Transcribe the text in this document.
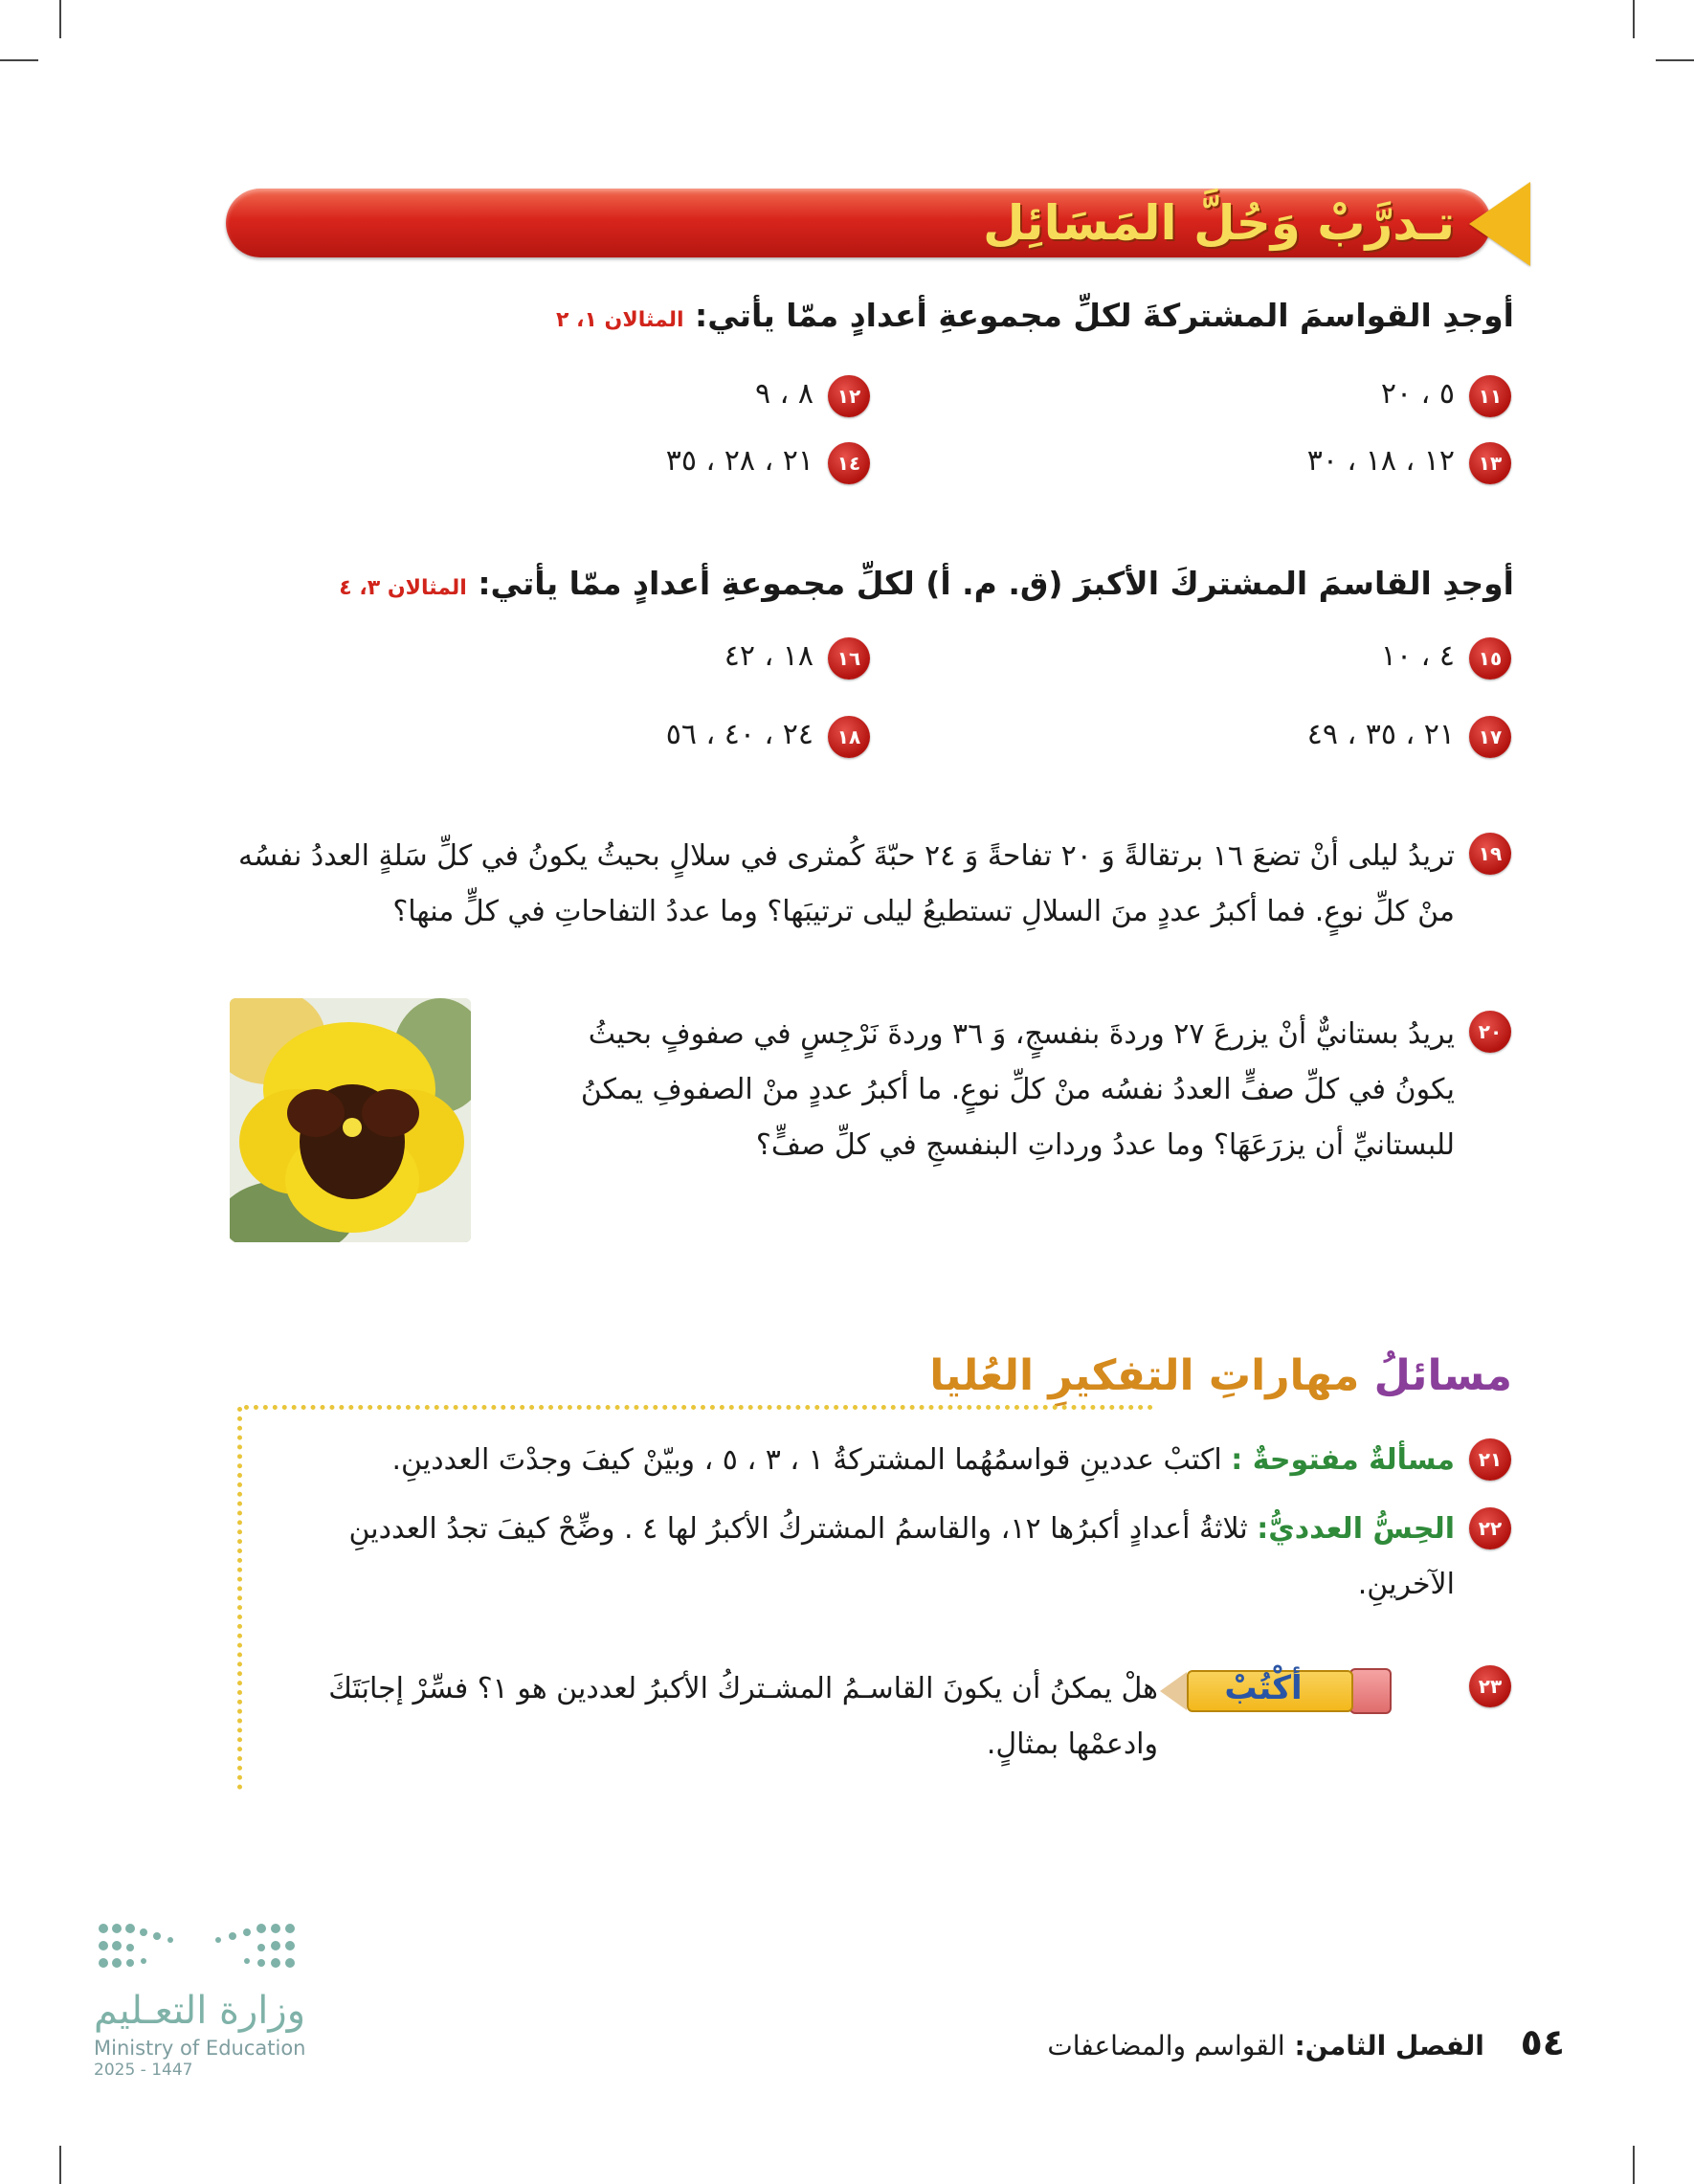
تـدرَّبْ وَحُلَّ المَسَائِل
أوجدِ القواسمَ المشتركةَ لكلِّ مجموعةِ أعدادٍ ممّا يأتي: المثالان ١، ٢
١١
٥ ، ٢٠
١٢
٨ ، ٩
١٣
١٢ ، ١٨ ، ٣٠
١٤
٢١ ، ٢٨ ، ٣٥
أوجدِ القاسمَ المشتركَ الأكبرَ (ق. م. أ) لكلِّ مجموعةِ أعدادٍ ممّا يأتي: المثالان ٣، ٤
١٥
٤ ، ١٠
١٦
١٨ ، ٤٢
١٧
٢١ ، ٣٥ ، ٤٩
١٨
٢٤ ، ٤٠ ، ٥٦
١٩
تريدُ ليلى أنْ تضعَ ١٦ برتقالةً وَ ٢٠ تفاحةً وَ ٢٤ حبّةَ كُمثرى في سلالٍ بحيثُ يكونُ في كلِّ سَلةٍ العددُ نفسُه
منْ كلِّ نوعٍ. فما أكبرُ عددٍ منَ السلالِ تستطيعُ ليلى ترتيبَها؟ وما عددُ التفاحاتِ في كلٍّ منها؟
٢٠
يريدُ بستانيٌّ أنْ يزرعَ ٢٧ وردةَ بنفسجٍ، وَ ٣٦ وردةَ نَرْجِسٍ في صفوفٍ بحيثُ
يكونُ في كلِّ صفٍّ العددُ نفسُه منْ كلِّ نوعٍ. ما أكبرُ عددٍ منْ الصفوفِ يمكنُ
للبستانيِّ أن يزرَعَهَا؟ وما عددُ ورداتِ البنفسجِ في كلِّ صفٍّ؟
مسائلُ مهاراتِ التفكيرِ العُليا
٢١
مسألةٌ مفتوحةٌ : اكتبْ عددينِ قواسمُهُما المشتركةُ ١ ، ٣ ، ٥ ، وبيّنْ كيفَ وجدْتَ العددينِ.
٢٢
الحِسُّ العدديُّ: ثلاثةُ أعدادٍ أكبرُها ١٢، والقاسمُ المشتركُ الأكبرُ لها ٤ . وضِّحْ كيفَ تجدُ العددينِ
الآخرينِ.
٢٣
أكْتُبْ
هلْ يمكنُ أن يكونَ القاسـمُ المشـتركُ الأكبرُ لعددين هو ١؟ فسِّرْ إجابَتَكَ
وادعمْها بمثالٍ.
وزارة التعـليم
Ministry of Education
2025 - 1447
٥٤ الفصل الثامن: القواسم والمضاعفات
